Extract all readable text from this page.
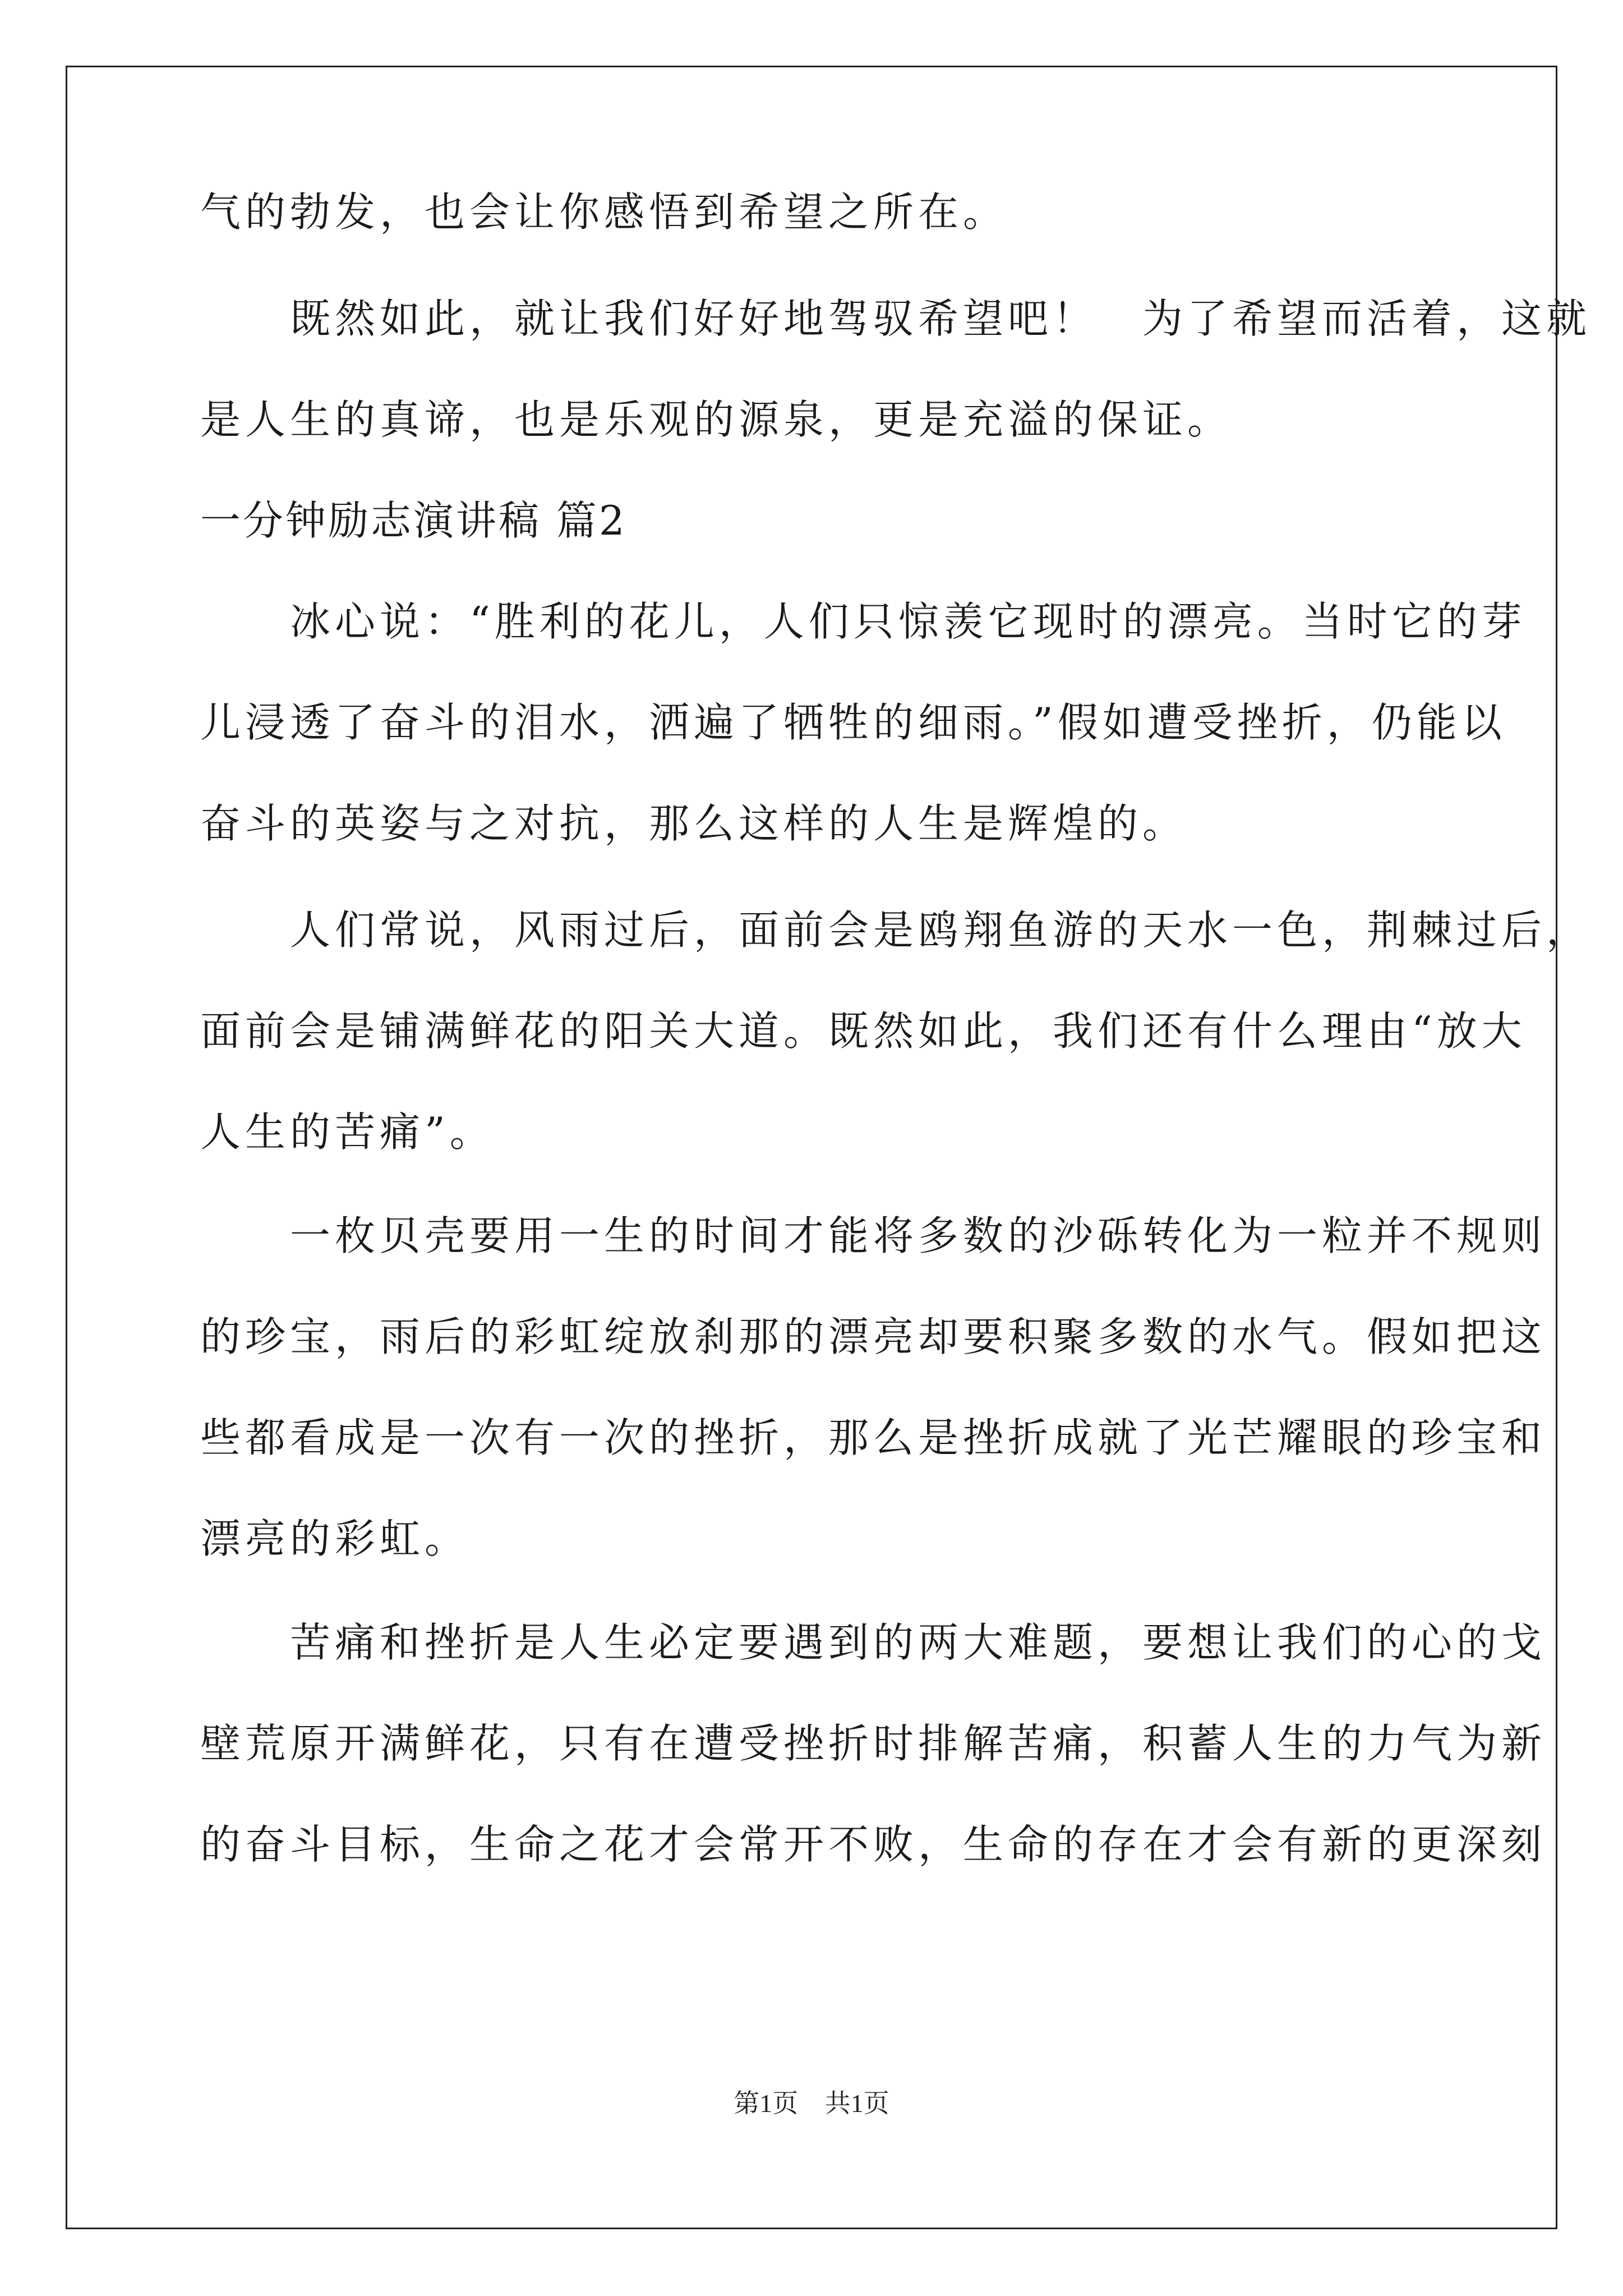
气的勃发，也会让你感悟到希望之所在。

　　既然如此，就让我们好好地驾驭希望吧！　为了希望而活着，这就

是人生的真谛，也是乐观的源泉，更是充溢的保证。

一分钟励志演讲稿 篇2

　　冰心说：“胜利的花儿，人们只惊羡它现时的漂亮。当时它的芽

儿浸透了奋斗的泪水，洒遍了牺牲的细雨。”假如遭受挫折，仍能以

奋斗的英姿与之对抗，那么这样的人生是辉煌的。

　　人们常说，风雨过后，面前会是鸥翔鱼游的天水一色，荆棘过后，

面前会是铺满鲜花的阳关大道。既然如此，我们还有什么理由“放大

人生的苦痛”。

　　一枚贝壳要用一生的时间才能将多数的沙砾转化为一粒并不规则

的珍宝，雨后的彩虹绽放刹那的漂亮却要积聚多数的水气。假如把这

些都看成是一次有一次的挫折，那么是挫折成就了光芒耀眼的珍宝和

漂亮的彩虹。

　　苦痛和挫折是人生必定要遇到的两大难题，要想让我们的心的戈

壁荒原开满鲜花，只有在遭受挫折时排解苦痛，积蓄人生的力气为新

的奋斗目标，生命之花才会常开不败，生命的存在才会有新的更深刻

第1页 共1页
